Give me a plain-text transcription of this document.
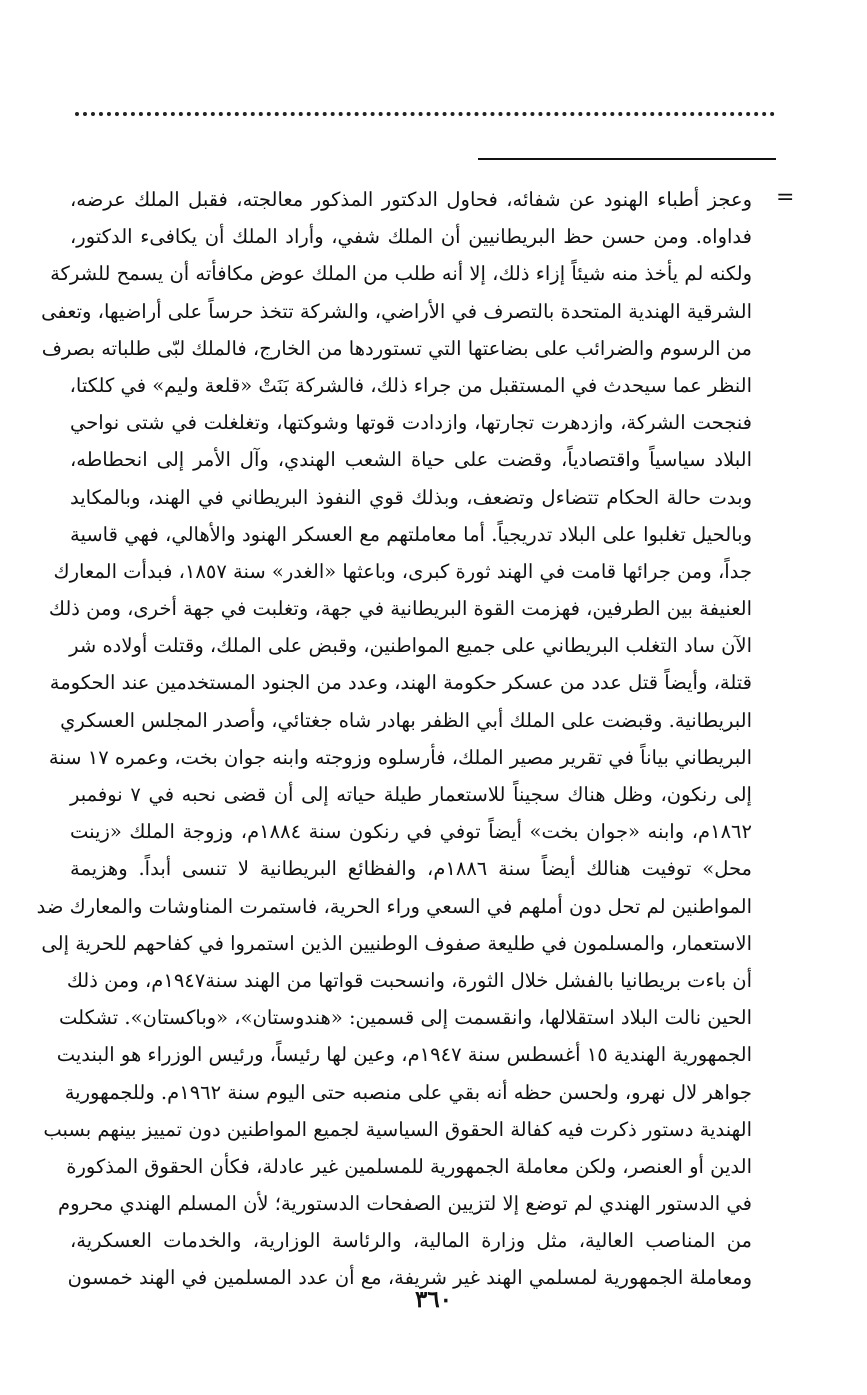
=
وعجز أطباء الهنود عن شفائه، فحاول الدكتور المذكور معالجته، فقبل الملك عرضه،
فداواه. ومن حسن حظ البريطانيين أن الملك شفي، وأراد الملك أن يكافىء الدكتور،
ولكنه لم يأخذ منه شيئاً إزاء ذلك، إلا أنه طلب من الملك عوض مكافأته أن يسمح للشركة
الشرقية الهندية المتحدة بالتصرف في الأراضي، والشركة تتخذ حرساً على أراضيها، وتعفى
من الرسوم والضرائب على بضاعتها التي تستوردها من الخارج، فالملك لبّى طلباته بصرف
النظر عما سيحدث في المستقبل من جراء ذلك، فالشركة بَنَتْ «قلعة وليم» في كلكتا،
فنجحت الشركة، وازدهرت تجارتها، وازدادت قوتها وشوكتها، وتغلغلت في شتى نواحي
البلاد سياسياً واقتصادياً، وقضت على حياة الشعب الهندي، وآل الأمر إلى انحطاطه،
وبدت حالة الحكام تتضاءل وتضعف، وبذلك قوي النفوذ البريطاني في الهند، وبالمكايد
وبالحيل تغلبوا على البلاد تدريجياً. أما معاملتهم مع العسكر الهنود والأهالي، فهي قاسية
جداً، ومن جرائها قامت في الهند ثورة كبرى، وباعثها «الغدر» سنة ١٨٥٧، فبدأت المعارك
العنيفة بين الطرفين، فهزمت القوة البريطانية في جهة، وتغلبت في جهة أخرى، ومن ذلك
الآن ساد التغلب البريطاني على جميع المواطنين، وقبض على الملك، وقتلت أولاده شر
قتلة، وأيضاً قتل عدد من عسكر حكومة الهند، وعدد من الجنود المستخدمين عند الحكومة
البريطانية. وقبضت على الملك أبي الظفر بهادر شاه جغتائي، وأصدر المجلس العسكري
البريطاني بياناً في تقرير مصير الملك، فأرسلوه وزوجته وابنه جوان بخت، وعمره ١٧ سنة
إلى رنكون، وظل هناك سجيناً للاستعمار طيلة حياته إلى أن قضى نحبه في ٧ نوفمبر
١٨٦٢م، وابنه «جوان بخت» أيضاً توفي في رنكون سنة ١٨٨٤م، وزوجة الملك «زينت
محل» توفيت هنالك أيضاً سنة ١٨٨٦م، والفظائع البريطانية لا تنسى أبداً. وهزيمة
المواطنين لم تحل دون أملهم في السعي وراء الحرية، فاستمرت المناوشات والمعارك ضد
الاستعمار، والمسلمون في طليعة صفوف الوطنيين الذين استمروا في كفاحهم للحرية إلى
أن باءت بريطانيا بالفشل خلال الثورة، وانسحبت قواتها من الهند سنة١٩٤٧م، ومن ذلك
الحين نالت البلاد استقلالها، وانقسمت إلى قسمين: «هندوستان»، «وباكستان». تشكلت
الجمهورية الهندية ١٥ أغسطس سنة ١٩٤٧م، وعين لها رئيساً، ورئيس الوزراء هو البنديت
جواهر لال نهرو، ولحسن حظه أنه بقي على منصبه حتى اليوم سنة ١٩٦٢م. وللجمهورية
الهندية دستور ذكرت فيه كفالة الحقوق السياسية لجميع المواطنين دون تمييز بينهم بسبب
الدين أو العنصر، ولكن معاملة الجمهورية للمسلمين غير عادلة، فكأن الحقوق المذكورة
في الدستور الهندي لم توضع إلا لتزيين الصفحات الدستورية؛ لأن المسلم الهندي محروم
من المناصب العالية، مثل وزارة المالية، والرئاسة الوزارية، والخدمات العسكرية،
ومعاملة الجمهورية لمسلمي الهند غير شريفة، مع أن عدد المسلمين في الهند خمسون
٣٦٠
